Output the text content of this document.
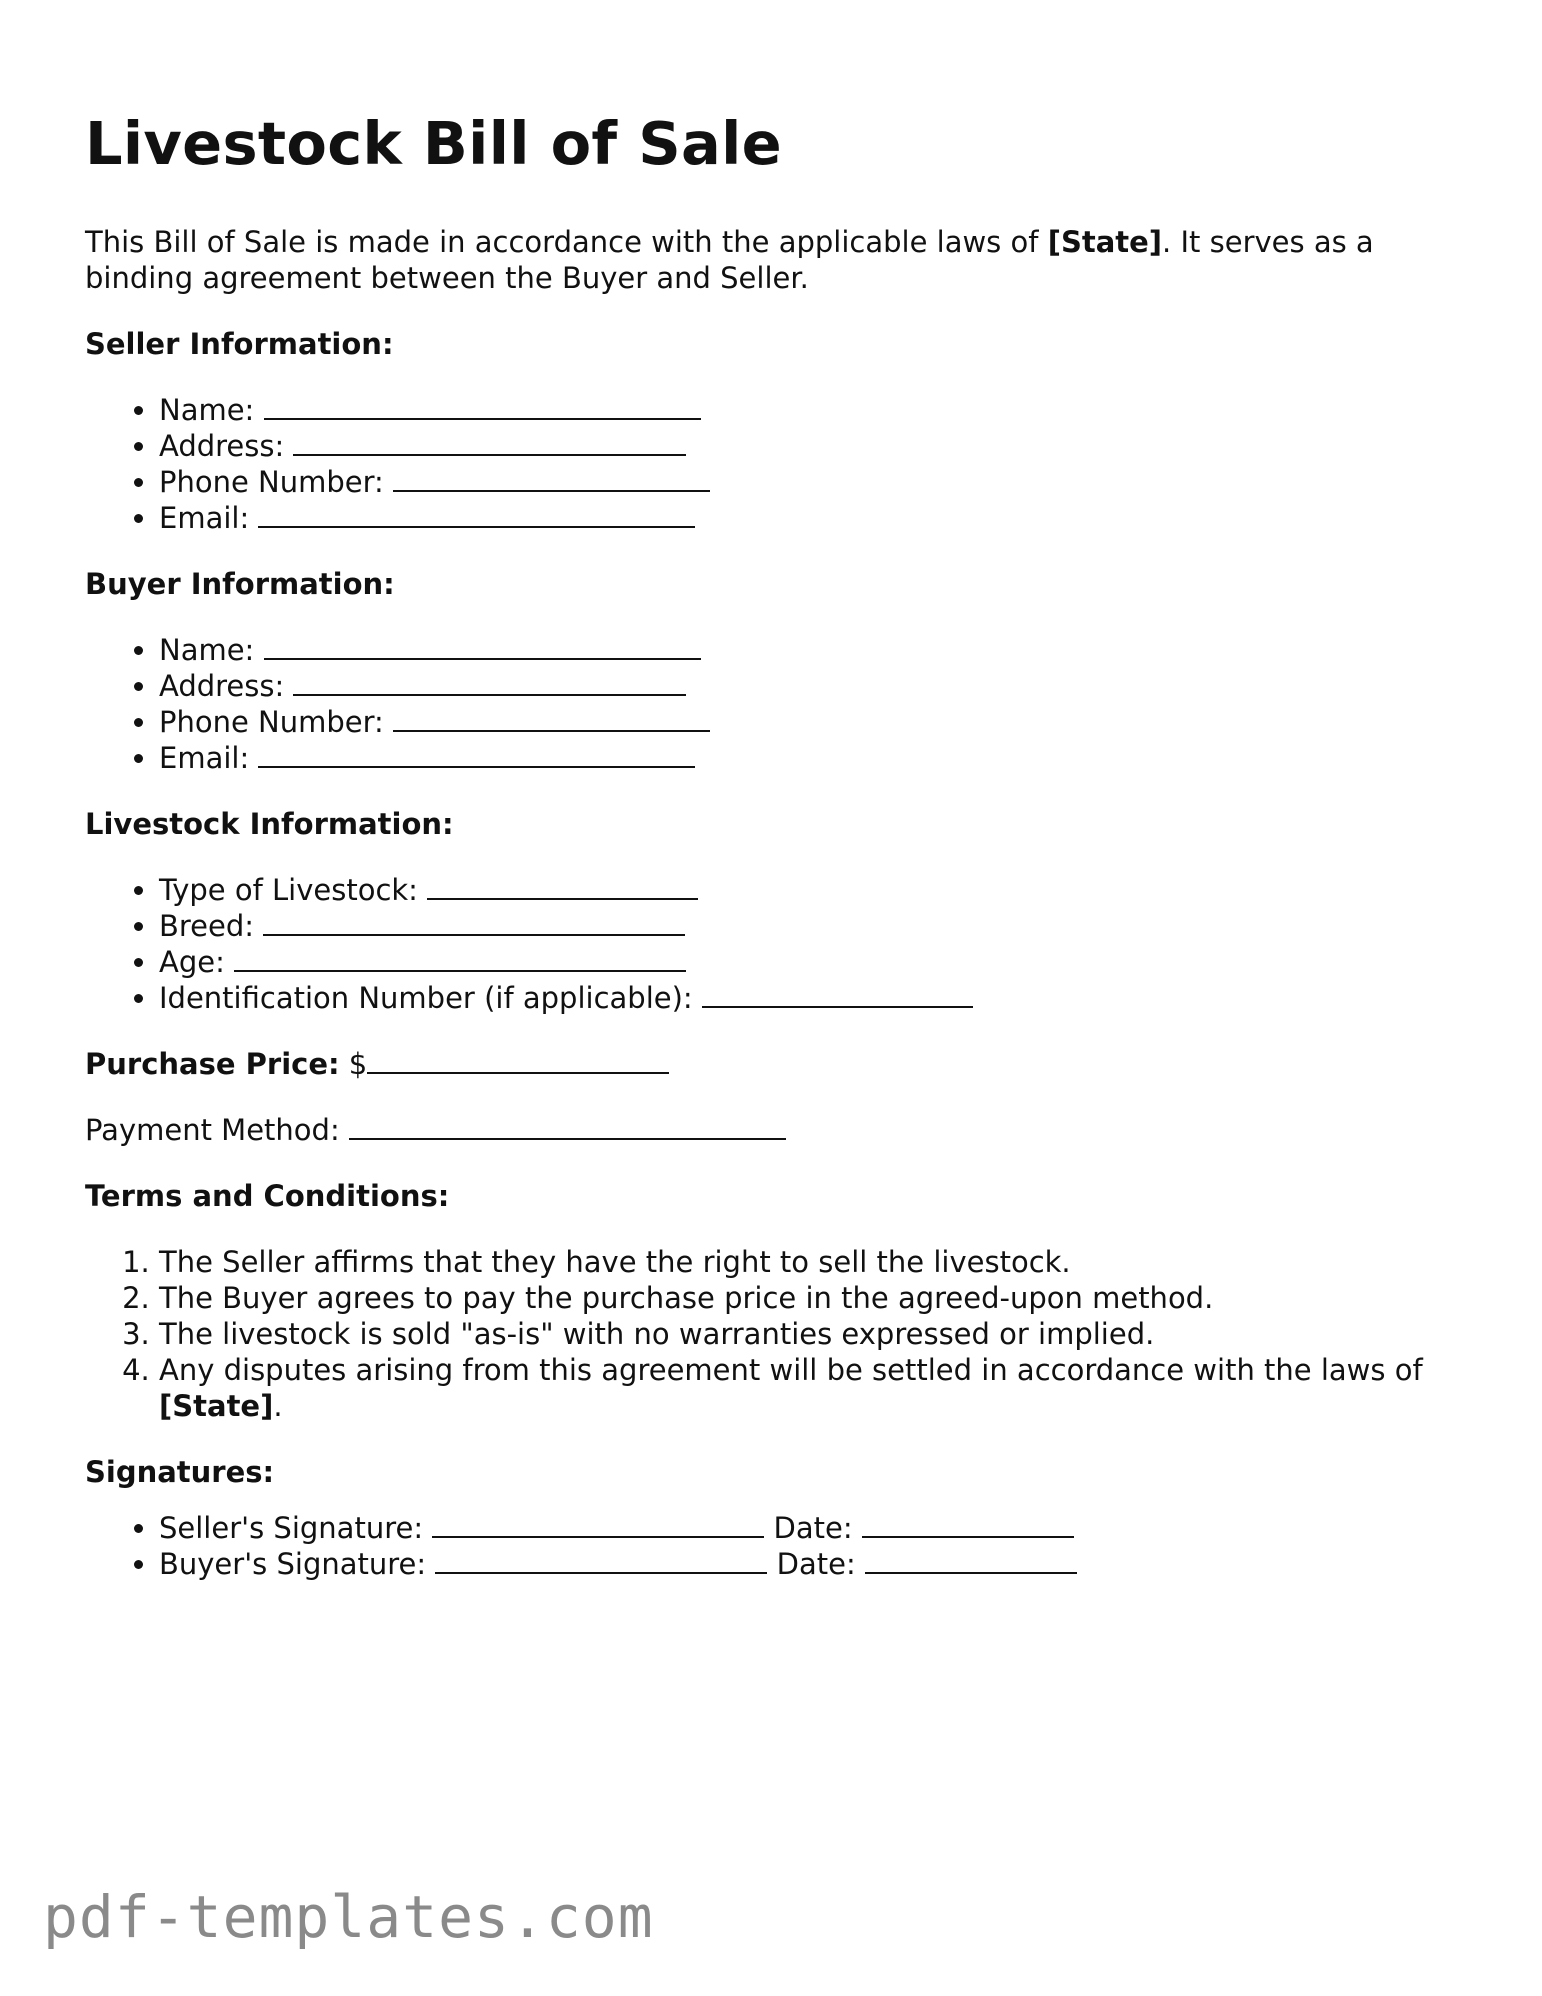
Livestock Bill of Sale

This Bill of Sale is made in accordance with the applicable laws of [State]. It serves as a binding agreement between the Buyer and Seller.

Seller Information:
• Name:
• Address:
• Phone Number:
• Email:
Buyer Information:
• Name:
• Address:
• Phone Number:
• Email:
Livestock Information:
• Type of Livestock:
• Breed:
• Age:
• Identification Number (if applicable):

Purchase Price: $

Payment Method:

Terms and Conditions:
1. The Seller affirms that they have the right to sell the livestock.
2. The Buyer agrees to pay the purchase price in the agreed-upon method.
3. The livestock is sold "as-is" with no warranties expressed or implied.
4. Any disputes arising from this agreement will be settled in accordance with the laws of [State].
Signatures:
• Seller's Signature:	Date:
• Buyer's Signature:	Date:
pdf-templates.com
